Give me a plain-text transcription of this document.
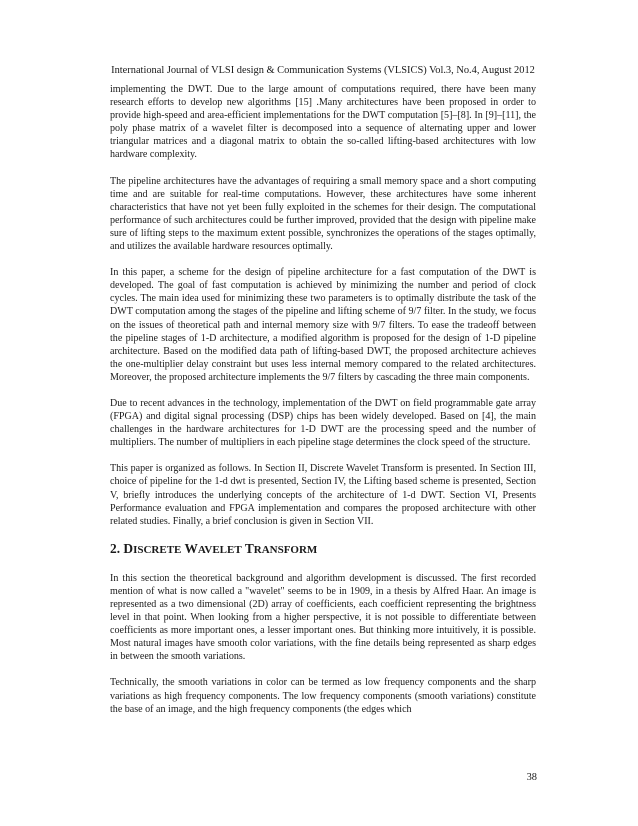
International Journal of VLSI design & Communication Systems (VLSICS) Vol.3, No.4, August 2012

implementing the DWT. Due to the large amount of computations required, there have been many research efforts to develop new algorithms [15] .Many architectures have been proposed in order to provide high-speed and area-efficient implementations for the DWT computation [5]–[8]. In [9]–[11], the poly phase matrix of a wavelet filter is decomposed into a sequence of alternating upper and lower triangular matrices and a diagonal matrix to obtain the so-called lifting-based architectures with low hardware complexity.

The pipeline architectures have the advantages of requiring a small memory space and a short computing time and are suitable for real-time computations. However, these architectures have some inherent characteristics that have not yet been fully exploited in the schemes for their design. The computational performance of such architectures could be further improved, provided that the design with pipeline make sure of lifting steps to the maximum extent possible, synchronizes the operations of the stages optimally, and utilizes the available hardware resources optimally.

In this paper, a scheme for the design of pipeline architecture for a fast computation of the DWT is developed. The goal of fast computation is achieved by minimizing the number and period of clock cycles. The main idea used for minimizing these two parameters is to optimally distribute the task of the DWT computation among the stages of the pipeline and lifting scheme of 9/7 filter. In the study, we focus on the issues of theoretical path and internal memory size with 9/7 filters. To ease the tradeoff between the pipeline stages of 1-D architecture, a modified algorithm is proposed for the design of 1-D pipeline architecture. Based on the modified data path of lifting-based DWT, the proposed architecture achieves the one-multiplier delay constraint but uses less internal memory compared to the related architectures. Moreover, the proposed architecture implements the 9/7 filters by cascading the three main components.

Due to recent advances in the technology, implementation of the DWT on field programmable gate array (FPGA) and digital signal processing (DSP) chips has been widely developed. Based on [4], the main challenges in the hardware architectures for 1-D DWT are the processing speed and the number of multipliers. The number of multipliers in each pipeline stage determines the clock speed of the structure.

This paper is organized as follows. In Section II, Discrete Wavelet Transform is presented. In Section III, choice of pipeline for the 1-d dwt is presented, Section IV, the Lifting based scheme is presented, Section V, briefly introduces the underlying concepts of the architecture of 1-d DWT. Section VI, Presents Performance evaluation and FPGA implementation and compares the proposed architecture with other related studies. Finally, a brief conclusion is given in Section VII.

2. DISCRETE WAVELET TRANSFORM

In this section the theoretical background and algorithm development is discussed. The first recorded mention of what is now called a "wavelet" seems to be in 1909, in a thesis by Alfred Haar. An image is represented as a two dimensional (2D) array of coefficients, each coefficient representing the brightness level in that point. When looking from a higher perspective, it is not possible to differentiate between coefficients as more important ones, a lesser important ones. But thinking more intuitively, it is possible. Most natural images have smooth color variations, with the fine details being represented as sharp edges in between the smooth variations.

Technically, the smooth variations in color can be termed as low frequency components and the sharp variations as high frequency components. The low frequency components (smooth variations) constitute the base of an image, and the high frequency components (the edges which

38
